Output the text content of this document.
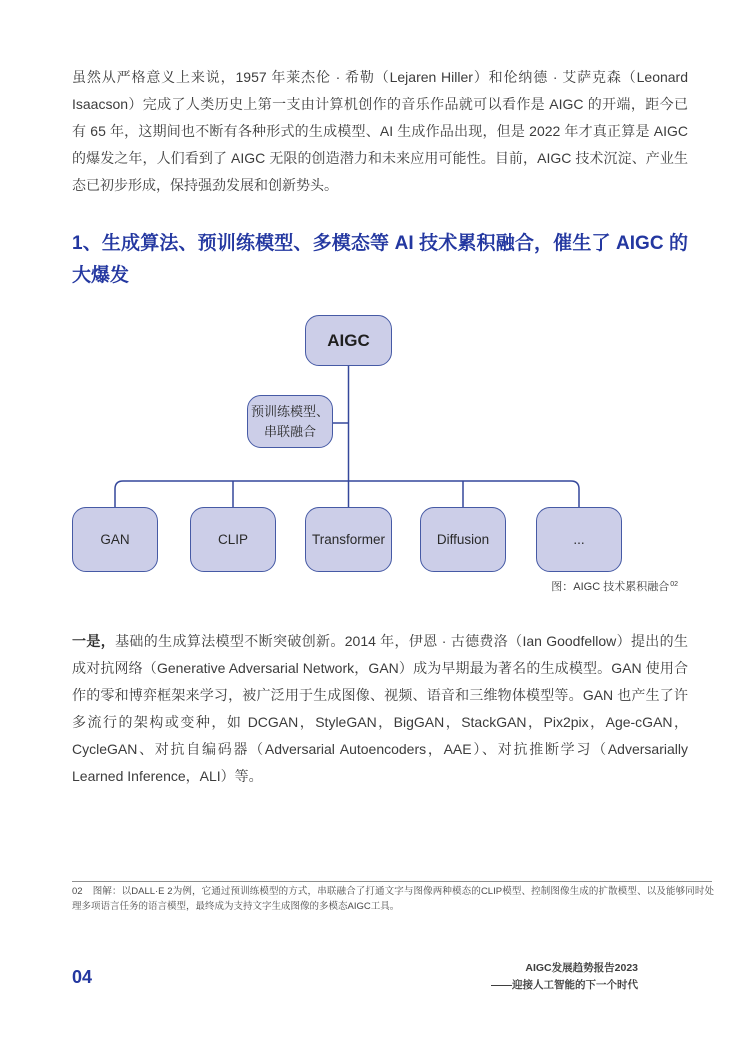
虽然从严格意义上来说，1957 年莱杰伦 · 希勒（Lejaren Hiller）和伦纳德 · 艾萨克森（Leonard Isaacson）完成了人类历史上第一支由计算机创作的音乐作品就可以看作是 AIGC 的开端，距今已有 65 年，这期间也不断有各种形式的生成模型、AI 生成作品出现，但是 2022 年才真正算是 AIGC 的爆发之年，人们看到了 AIGC 无限的创造潜力和未来应用可能性。目前，AIGC 技术沉淀、产业生态已初步形成，保持强劲发展和创新势头。

1、生成算法、预训练模型、多模态等 AI 技术累积融合，催生了 AIGC 的大爆发
AIGC
预训练模型、
串联融合
GAN	CLIP	Transformer	Diffusion	...
图：AIGC 技术累积融合$^{02}$

一是，基础的生成算法模型不断突破创新。2014 年，伊恩 · 古德费洛（Ian Goodfellow）提出的生成对抗网络（Generative Adversarial Network，GAN）成为早期最为著名的生成模型。GAN 使用合作的零和博弈框架来学习，被广泛用于生成图像、视频、语音和三维物体模型等。GAN 也产生了许多流行的架构或变种，如 DCGAN，StyleGAN，BigGAN，StackGAN，Pix2pix，Age-cGAN，CycleGAN、对抗自编码器（Adversarial Autoencoders，AAE）、对抗推断学习（Adversarially Learned Inference，ALI）等。

02 图解：以DALL·E 2为例，它通过预训练模型的方式，串联融合了打通文字与图像两种模态的CLIP模型、控制图像生成的扩散模型、以及能够同时处理多项语言任务的语言模型，最终成为支持文字生成图像的多模态AIGC工具。

04	AIGC发展趋势报告2023
——迎接人工智能的下一个时代
